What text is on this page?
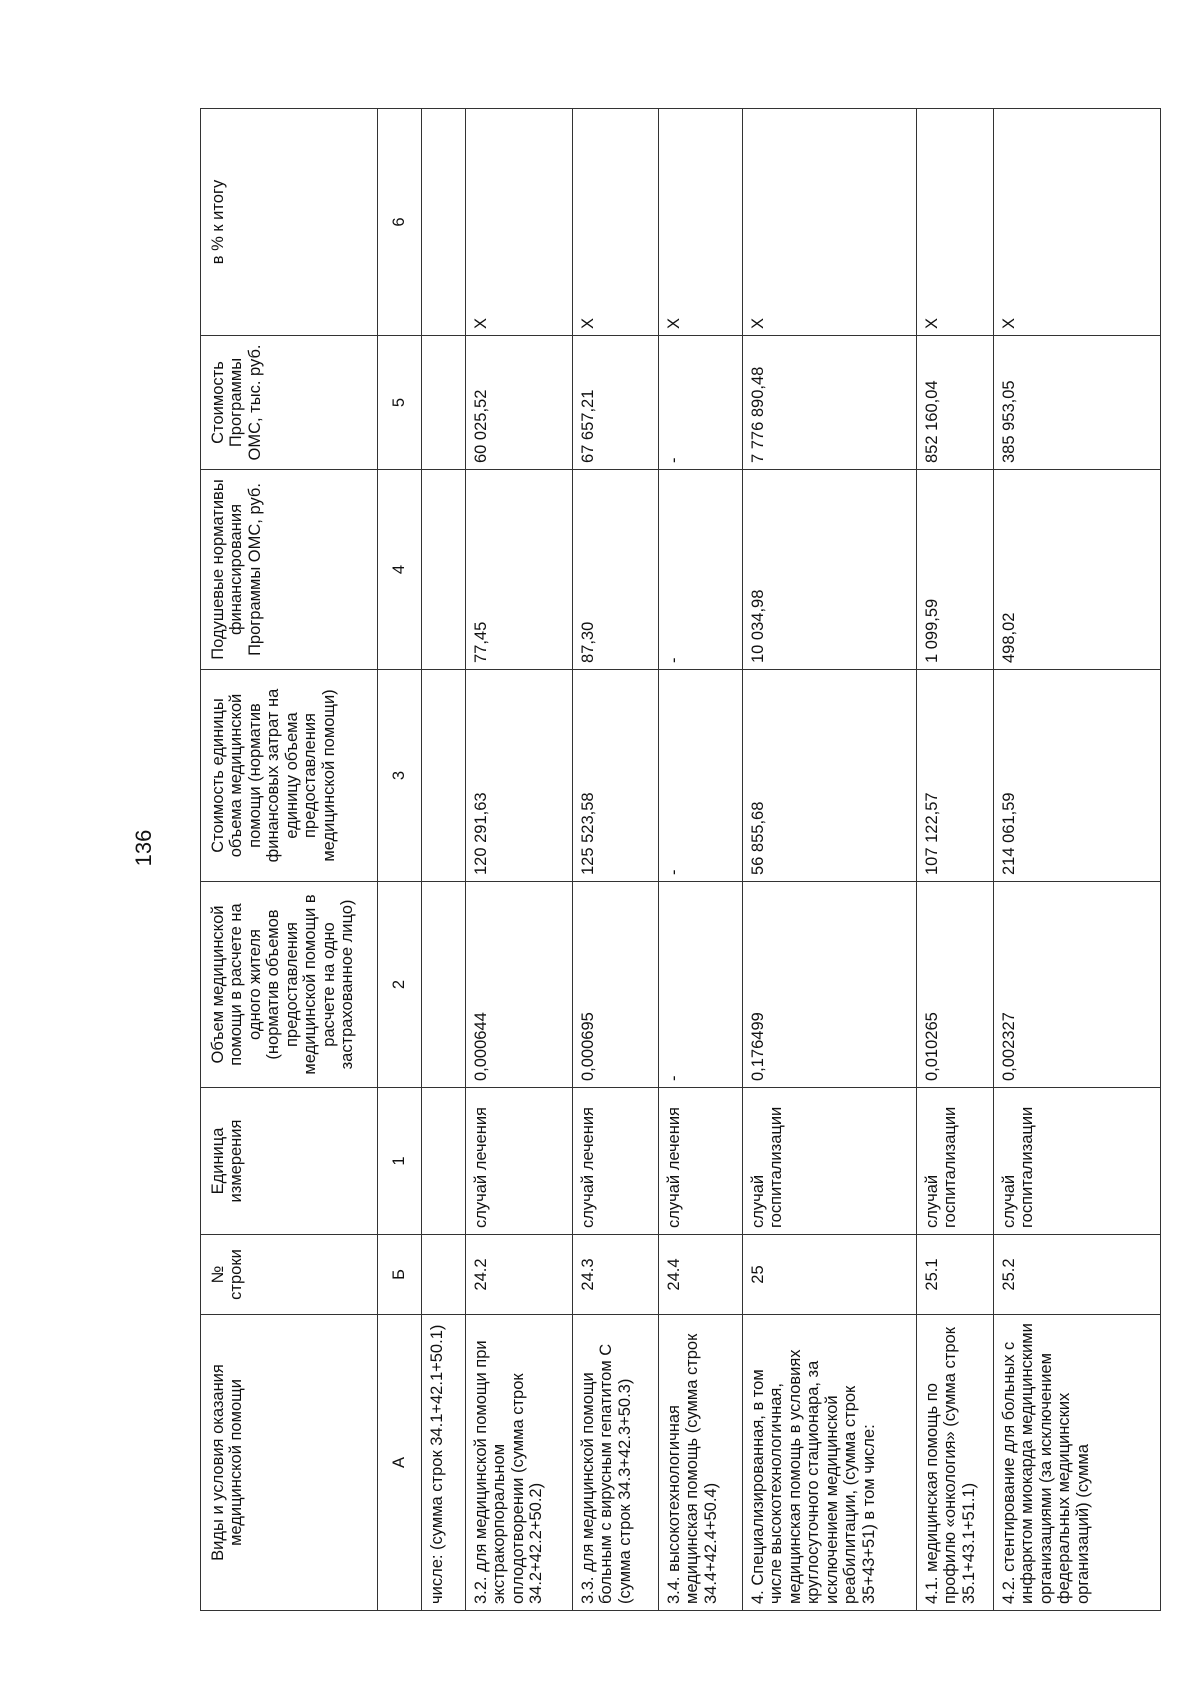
136
Виды и условия оказания медицинской помощи	№ строки	Единица измерения	Объем медицинской помощи в расчете на одного жителя (норматив объемов предоставления медицинской помощи в расчете на одно застрахованное лицо)	Стоимость единицы объема медицинской помощи (норматив финансовых затрат на единицу объема предоставления медицинской помощи)	Подушевые нормативы финансирования Программы ОМС, руб.	Стоимость Программы ОМС, тыс. руб.	в % к итогу
А	Б	1	2	3	4	5	6
числе: (сумма строк 34.1+42.1+50.1)							
3.2. для медицинской помощи при экстракорпоральном оплодотворении (сумма строк 34.2+42.2+50.2)	24.2	случай лечения	0,000644	120 291,63	77,45	60 025,52	X
3.3. для медицинской помощи больным с вирусным гепатитом С (сумма строк 34.3+42.3+50.3)	24.3	случай лечения	0,000695	125 523,58	87,30	67 657,21	X
3.4. высокотехнологичная медицинская помощь (сумма строк 34.4+42.4+50.4)	24.4	случай лечения	-	-	-	-	X
4. Специализированная, в том числе высокотехнологичная, медицинская помощь в условиях круглосуточного стационара, за исключением медицинской реабилитации, (сумма строк 35+43+51) в том числе:	25	случай госпитализации	0,176499	56 855,68	10 034,98	7 776 890,48	X
4.1. медицинская помощь по профилю «онкология» (сумма строк 35.1+43.1+51.1)	25.1	случай госпитализации	0,010265	107 122,57	1 099,59	852 160,04	X
4.2. стентирование для больных с инфарктом миокарда медицинскими организациями (за исключением федеральных медицинских организаций) (сумма	25.2	случай госпитализации	0,002327	214 061,59	498,02	385 953,05	X
